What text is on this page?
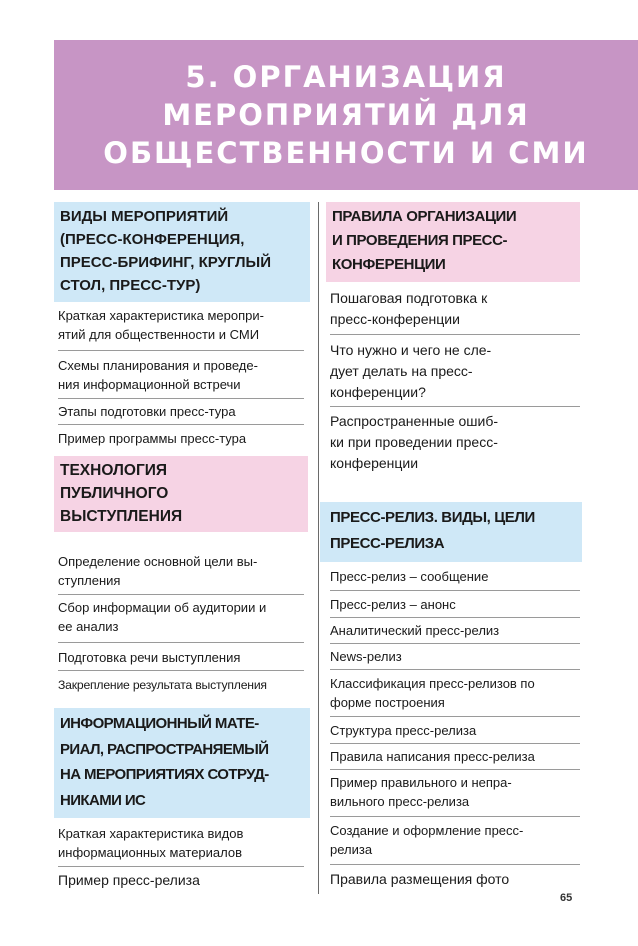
5. ОРГАНИЗАЦИЯ
МЕРОПРИЯТИЙ ДЛЯ
ОБЩЕСТВЕННОСТИ И СМИ
ВИДЫ МЕРОПРИЯТИЙ
(ПРЕСС-КОНФЕРЕНЦИЯ,
ПРЕСС-БРИФИНГ, КРУГЛЫЙ
СТОЛ, ПРЕСС-ТУР)
Краткая характеристика меропри-
ятий для общественности и СМИ
Схемы планирования и проведе-
ния информационной встречи
Этапы подготовки пресс-тура
Пример программы пресс-тура
ТЕХНОЛОГИЯ
ПУБЛИЧНОГО
ВЫСТУПЛЕНИЯ
Определение основной цели вы-
ступления
Сбор информации об аудитории и
ее анализ
Подготовка речи выступления
Закрепление результата выступления
ИНФОРМАЦИОННЫЙ МАТЕ-
РИАЛ, РАСПРОСТРАНЯЕМЫЙ
НА МЕРОПРИЯТИЯХ СОТРУД-
НИКАМИ ИС
Краткая характеристика видов
информационных материалов
Пример пресс-релиза
ПРАВИЛА ОРГАНИЗАЦИИ
И ПРОВЕДЕНИЯ ПРЕСС-
КОНФЕРЕНЦИИ
Пошаговая подготовка к
пресс-конференции
Что нужно и чего не сле-
дует делать на пресс-
конференции?
Распространенные ошиб-
ки при проведении пресс-
конференции
ПРЕСС-РЕЛИЗ. ВИДЫ, ЦЕЛИ
ПРЕСС-РЕЛИЗА
Пресс-релиз – сообщение
Пресс-релиз – анонс
Аналитический пресс-релиз
News-релиз
Классификация пресс-релизов по
форме построения
Структура пресс-релиза
Правила написания пресс-релиза
Пример правильного и непра-
вильного пресс-релиза
Создание и оформление пресс-
релиза
Правила размещения фото
65
